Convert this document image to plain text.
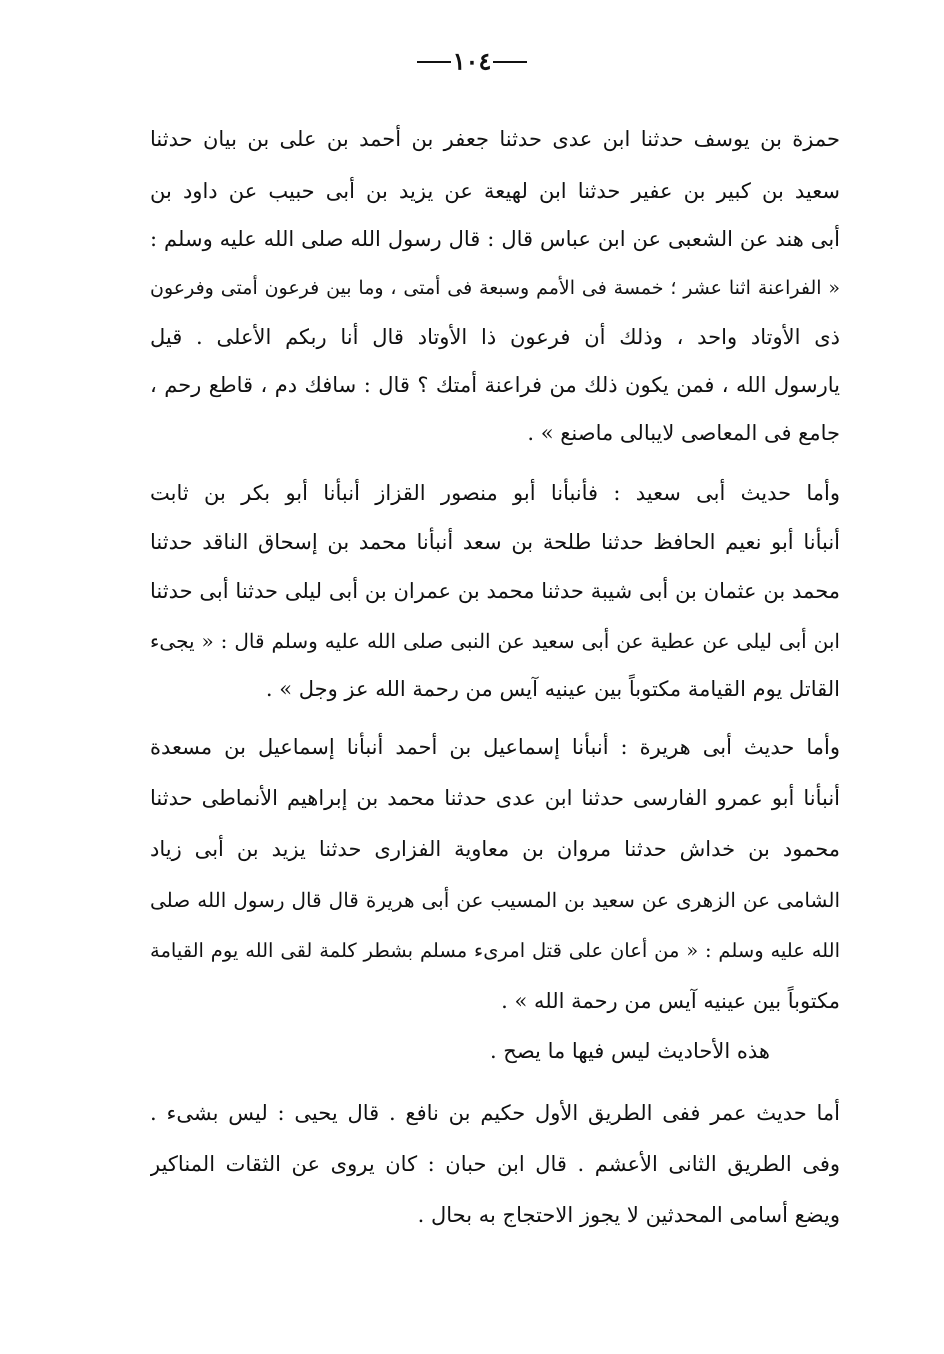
١٠٤
حمزة بن يوسف حدثنا ابن عدى حدثنا جعفر بن أحمد بن على بن بيان حدثنا
سعيد بن كبير بن عفير حدثنا ابن لهيعة عن يزيد بن أبى حبيب عن داود بن
أبى هند عن الشعبى عن ابن عباس قال : قال رسول الله صلى الله عليه وسلم :
« الفراعنة اثنا عشر ؛ خمسة فى الأمم وسبعة فى أمتى ، وما بين فرعون أمتى وفرعون
ذى الأوتاد واحد ، وذلك أن فرعون ذا الأوتاد قال أنا ربكم الأعلى . قيل
يارسول الله ، فمن يكون ذلك من فراعنة أمتك ؟ قال : سافك دم ، قاطع رحم ،
جامع فى المعاصى لايبالى ماصنع » .
وأما حديث أبى سعيد : فأنبأنا أبو منصور القزاز أنبأنا أبو بكر بن ثابت
أنبأنا أبو نعيم الحافظ حدثنا طلحة بن سعد أنبأنا محمد بن إسحاق الناقد حدثنا
محمد بن عثمان بن أبى شيبة حدثنا محمد بن عمران بن أبى ليلى حدثنا أبى حدثنا
ابن أبى ليلى عن عطية عن أبى سعيد عن النبى صلى الله عليه وسلم قال : « يجىء
القاتل يوم القيامة مكتوباً بين عينيه آيس من رحمة الله عز وجل » .
وأما حديث أبى هريرة : أنبأنا إسماعيل بن أحمد أنبأنا إسماعيل بن مسعدة
أنبأنا أبو عمرو الفارسى حدثنا ابن عدى حدثنا محمد بن إبراهيم الأنماطى حدثنا
محمود بن خداش حدثنا مروان بن معاوية الفزارى حدثنا يزيد بن أبى زياد
الشامى عن الزهرى عن سعيد بن المسيب عن أبى هريرة قال قال رسول الله صلى
الله عليه وسلم : « من أعان على قتل امرىء مسلم بشطر كلمة لقى الله يوم القيامة
مكتوباً بين عينيه آيس من رحمة الله » .
هذه الأحاديث ليس فيها ما يصح .
أما حديث عمر ففى الطريق الأول حكيم بن نافع . قال يحيى : ليس بشىء .
وفى الطريق الثانى الأعشم . قال ابن حبان : كان يروى عن الثقات المناكير
ويضع أسامى المحدثين لا يجوز الاحتجاج به بحال .
